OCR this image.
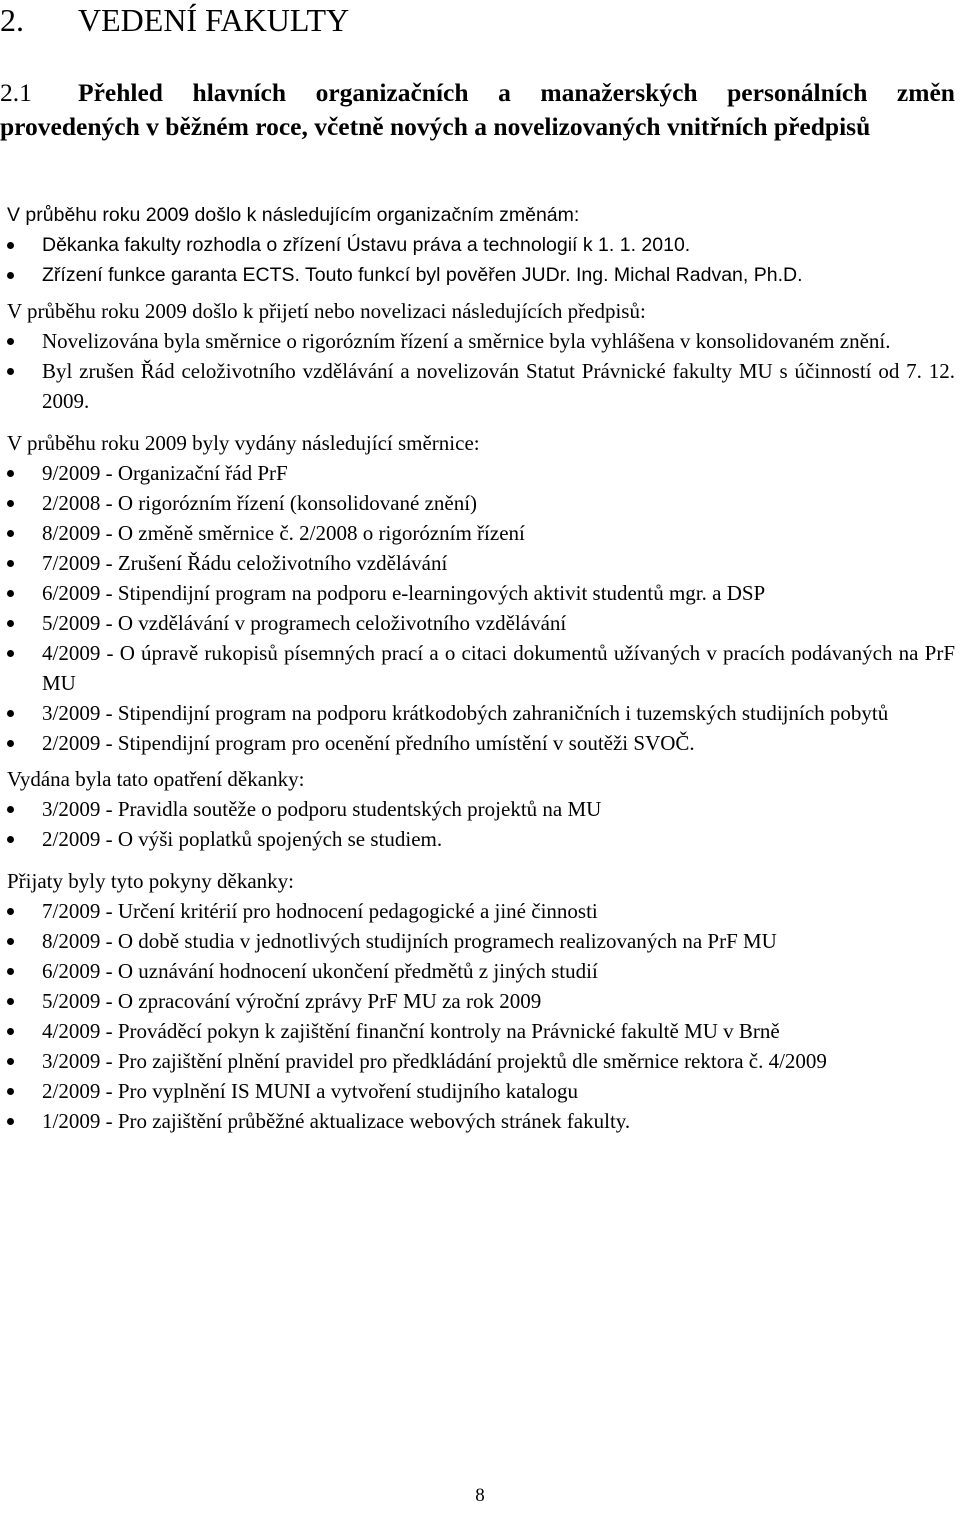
2. VEDENÍ FAKULTY
2.1 Přehled hlavních organizačních a manažerských personálních změn provedených v běžném roce, včetně nových a novelizovaných vnitřních předpisů

V průběhu roku 2009 došlo k následujícím organizačním změnám:

Děkanka fakulty rozhodla o zřízení Ústavu práva a technologií k 1. 1. 2010.
Zřízení funkce garanta ECTS. Touto funkcí byl pověřen JUDr. Ing. Michal Radvan, Ph.D.

V průběhu roku 2009 došlo k přijetí nebo novelizaci následujících předpisů:

Novelizována byla směrnice o rigorózním řízení a směrnice byla vyhlášena v konsolidovaném znění.
Byl zrušen Řád celoživotního vzdělávání a novelizován Statut Právnické fakulty MU s účinností od 7. 12. 2009.

V průběhu roku 2009 byly vydány následující směrnice:

9/2009 - Organizační řád PrF
2/2008 - O rigorózním řízení (konsolidované znění)
8/2009 - O změně směrnice č. 2/2008 o rigorózním řízení
7/2009 - Zrušení Řádu celoživotního vzdělávání
6/2009 - Stipendijní program na podporu e-learningových aktivit studentů mgr. a DSP
5/2009 - O vzdělávání v programech celoživotního vzdělávání
4/2009 - O úpravě rukopisů písemných prací a o citaci dokumentů užívaných v pracích podávaných na PrF MU
3/2009 - Stipendijní program na podporu krátkodobých zahraničních i tuzemských studijních pobytů
2/2009 - Stipendijní program pro ocenění předního umístění v soutěži SVOČ.

Vydána byla tato opatření děkanky:

3/2009 - Pravidla soutěže o podporu studentských projektů na MU
2/2009 - O výši poplatků spojených se studiem.

Přijaty byly tyto pokyny děkanky:

7/2009 - Určení kritérií pro hodnocení pedagogické a jiné činnosti
8/2009 - O době studia v jednotlivých studijních programech realizovaných na PrF MU
6/2009 - O uznávání hodnocení ukončení předmětů z jiných studií
5/2009 - O zpracování výroční zprávy PrF MU za rok 2009
4/2009 - Prováděcí pokyn k zajištění finanční kontroly na Právnické fakultě MU v Brně
3/2009 - Pro zajištění plnění pravidel pro předkládání projektů dle směrnice rektora č. 4/2009
2/2009 - Pro vyplnění IS MUNI a vytvoření studijního katalogu
1/2009 - Pro zajištění průběžné aktualizace webových stránek fakulty.
8
